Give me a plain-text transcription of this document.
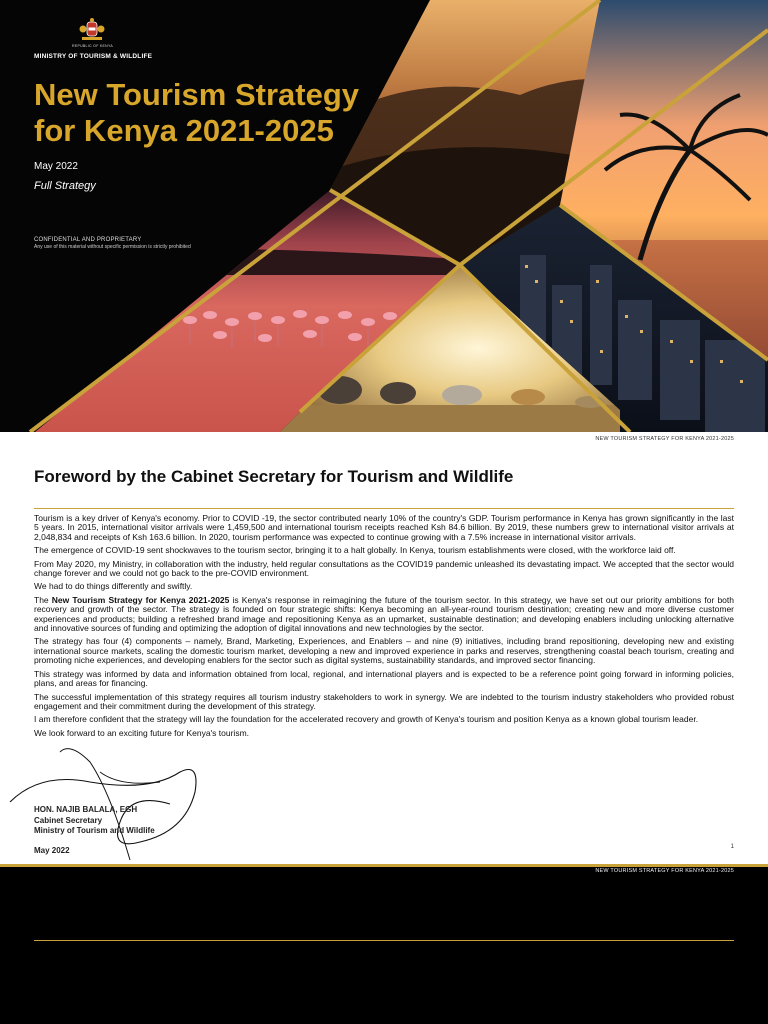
REPUBLIC OF KENYA
MINISTRY OF TOURISM & WILDLIFE
New Tourism Strategy
for Kenya 2021-2025
May 2022
Full Strategy
CONFIDENTIAL AND PROPRIETARY
Any use of this material without specific permission is strictly prohibited
NEW TOURISM STRATEGY FOR KENYA 2021-2025
Foreword by the Cabinet Secretary for Tourism and Wildlife

Tourism is a key driver of Kenya's economy. Prior to COVID -19, the sector contributed nearly 10% of the country's GDP. Tourism performance in Kenya has grown significantly in the last 5 years. In 2015, international visitor arrivals were 1,459,500 and international tourism receipts reached Ksh 84.6 billion. By 2019, these numbers grew to international visitor arrivals at 2,048,834 and receipts of Ksh 163.6 billion. In 2020, tourism performance was expected to continue growing with a 7.5% increase in international visitor arrivals.

The emergence of COVID-19 sent shockwaves to the tourism sector, bringing it to a halt globally. In Kenya, tourism establishments were closed, with the workforce laid off.

From May 2020, my Ministry, in collaboration with the industry, held regular consultations as the COVID19 pandemic unleashed its devastating impact. We accepted that the sector would change forever and we could not go back to the pre-COVID environment.

We had to do things differently and swiftly.

The New Tourism Strategy for Kenya 2021-2025 is Kenya's response in reimagining the future of the tourism sector. In this strategy, we have set out our priority ambitions for both recovery and growth of the sector. The strategy is founded on four strategic shifts: Kenya becoming an all-year-round tourism destination; creating new and more diverse customer experiences and products; building a refreshed brand image and repositioning Kenya as an upmarket, sustainable destination; and developing enablers including unlocking alternative and innovative sources of funding and optimizing the adoption of digital innovations and new technologies by the sector.

The strategy has four (4) components – namely, Brand, Marketing, Experiences, and Enablers – and nine (9) initiatives, including brand repositioning, developing new and existing international source markets, scaling the domestic tourism market, developing a new and improved experience in parks and reserves, strengthening coastal beach tourism, creating and promoting niche experiences, and developing enablers for the sector such as digital systems, sustainability standards, and improved sector financing.

This strategy was informed by data and information obtained from local, regional, and international players and is expected to be a reference point going forward in informing policies, plans, and areas for financing.

The successful implementation of this strategy requires all tourism industry stakeholders to work in synergy. We are indebted to the tourism industry stakeholders who provided robust engagement and their commitment during the development of this strategy.

I am therefore confident that the strategy will lay the foundation for the accelerated recovery and growth of Kenya's tourism and position Kenya as a known global tourism leader.

We look forward to an exciting future for Kenya's tourism.

HON. NAJIB BALALA, EGH
Cabinet Secretary
Ministry of Tourism and Wildlife
May 2022	1
NEW TOURISM STRATEGY FOR KENYA 2021-2025
